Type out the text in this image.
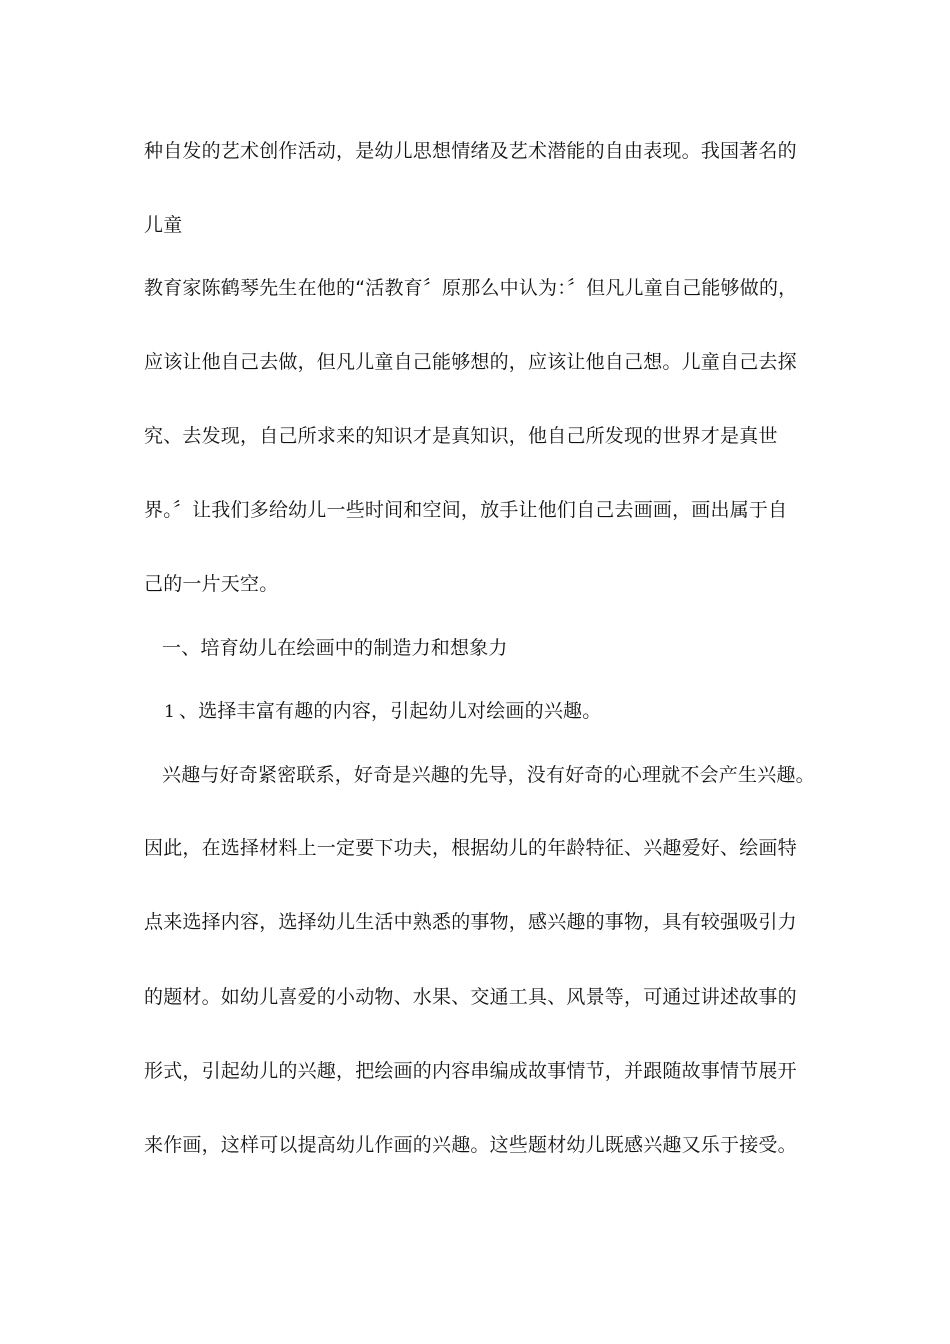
种自发的艺术创作活动，是幼儿思想情绪及艺术潜能的自由表现。我国著名的
儿童
教育家陈鹤琴先生在他的“活教育〞原那么中认为：〞但凡儿童自己能够做的，
应该让他自己去做，但凡儿童自己能够想的，应该让他自己想。儿童自己去探
究、去发现，自己所求来的知识才是真知识，他自己所发现的世界才是真世
界。〞让我们多给幼儿一些时间和空间，放手让他们自己去画画，画出属于自
己的一片天空。
一、培育幼儿在绘画中的制造力和想象力
1 、选择丰富有趣的内容，引起幼儿对绘画的兴趣。
兴趣与好奇紧密联系，好奇是兴趣的先导，没有好奇的心理就不会产生兴趣。
因此，在选择材料上一定要下功夫，根据幼儿的年龄特征、兴趣爱好、绘画特
点来选择内容，选择幼儿生活中熟悉的事物，感兴趣的事物，具有较强吸引力
的题材。如幼儿喜爱的小动物、水果、交通工具、风景等，可通过讲述故事的
形式，引起幼儿的兴趣，把绘画的内容串编成故事情节，并跟随故事情节展开
来作画，这样可以提高幼儿作画的兴趣。这些题材幼儿既感兴趣又乐于接受。
